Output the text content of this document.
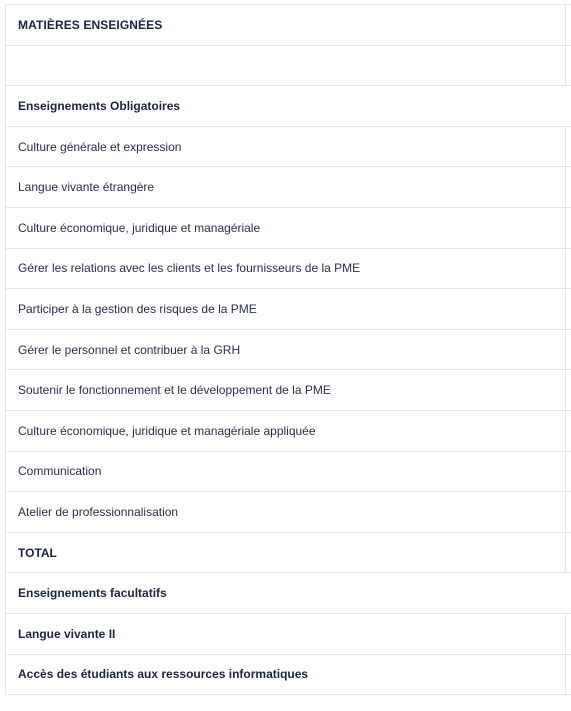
MATIÈRES ENSEIGNÉES
Enseignements Obligatoires
Culture générale et expression
Langue vivante étrangère
Culture économique, juridique et managériale
Gérer les relations avec les clients et les fournisseurs de la PME
Participer à la gestion des risques de la PME
Gérer le personnel et contribuer à la GRH
Soutenir le fonctionnement et le développement de la PME
Culture économique, juridique et managériale appliquée
Communication
Atelier de professionnalisation
TOTAL
Enseignements facultatifs
Langue vivante II
Accès des étudiants aux ressources informatiques
